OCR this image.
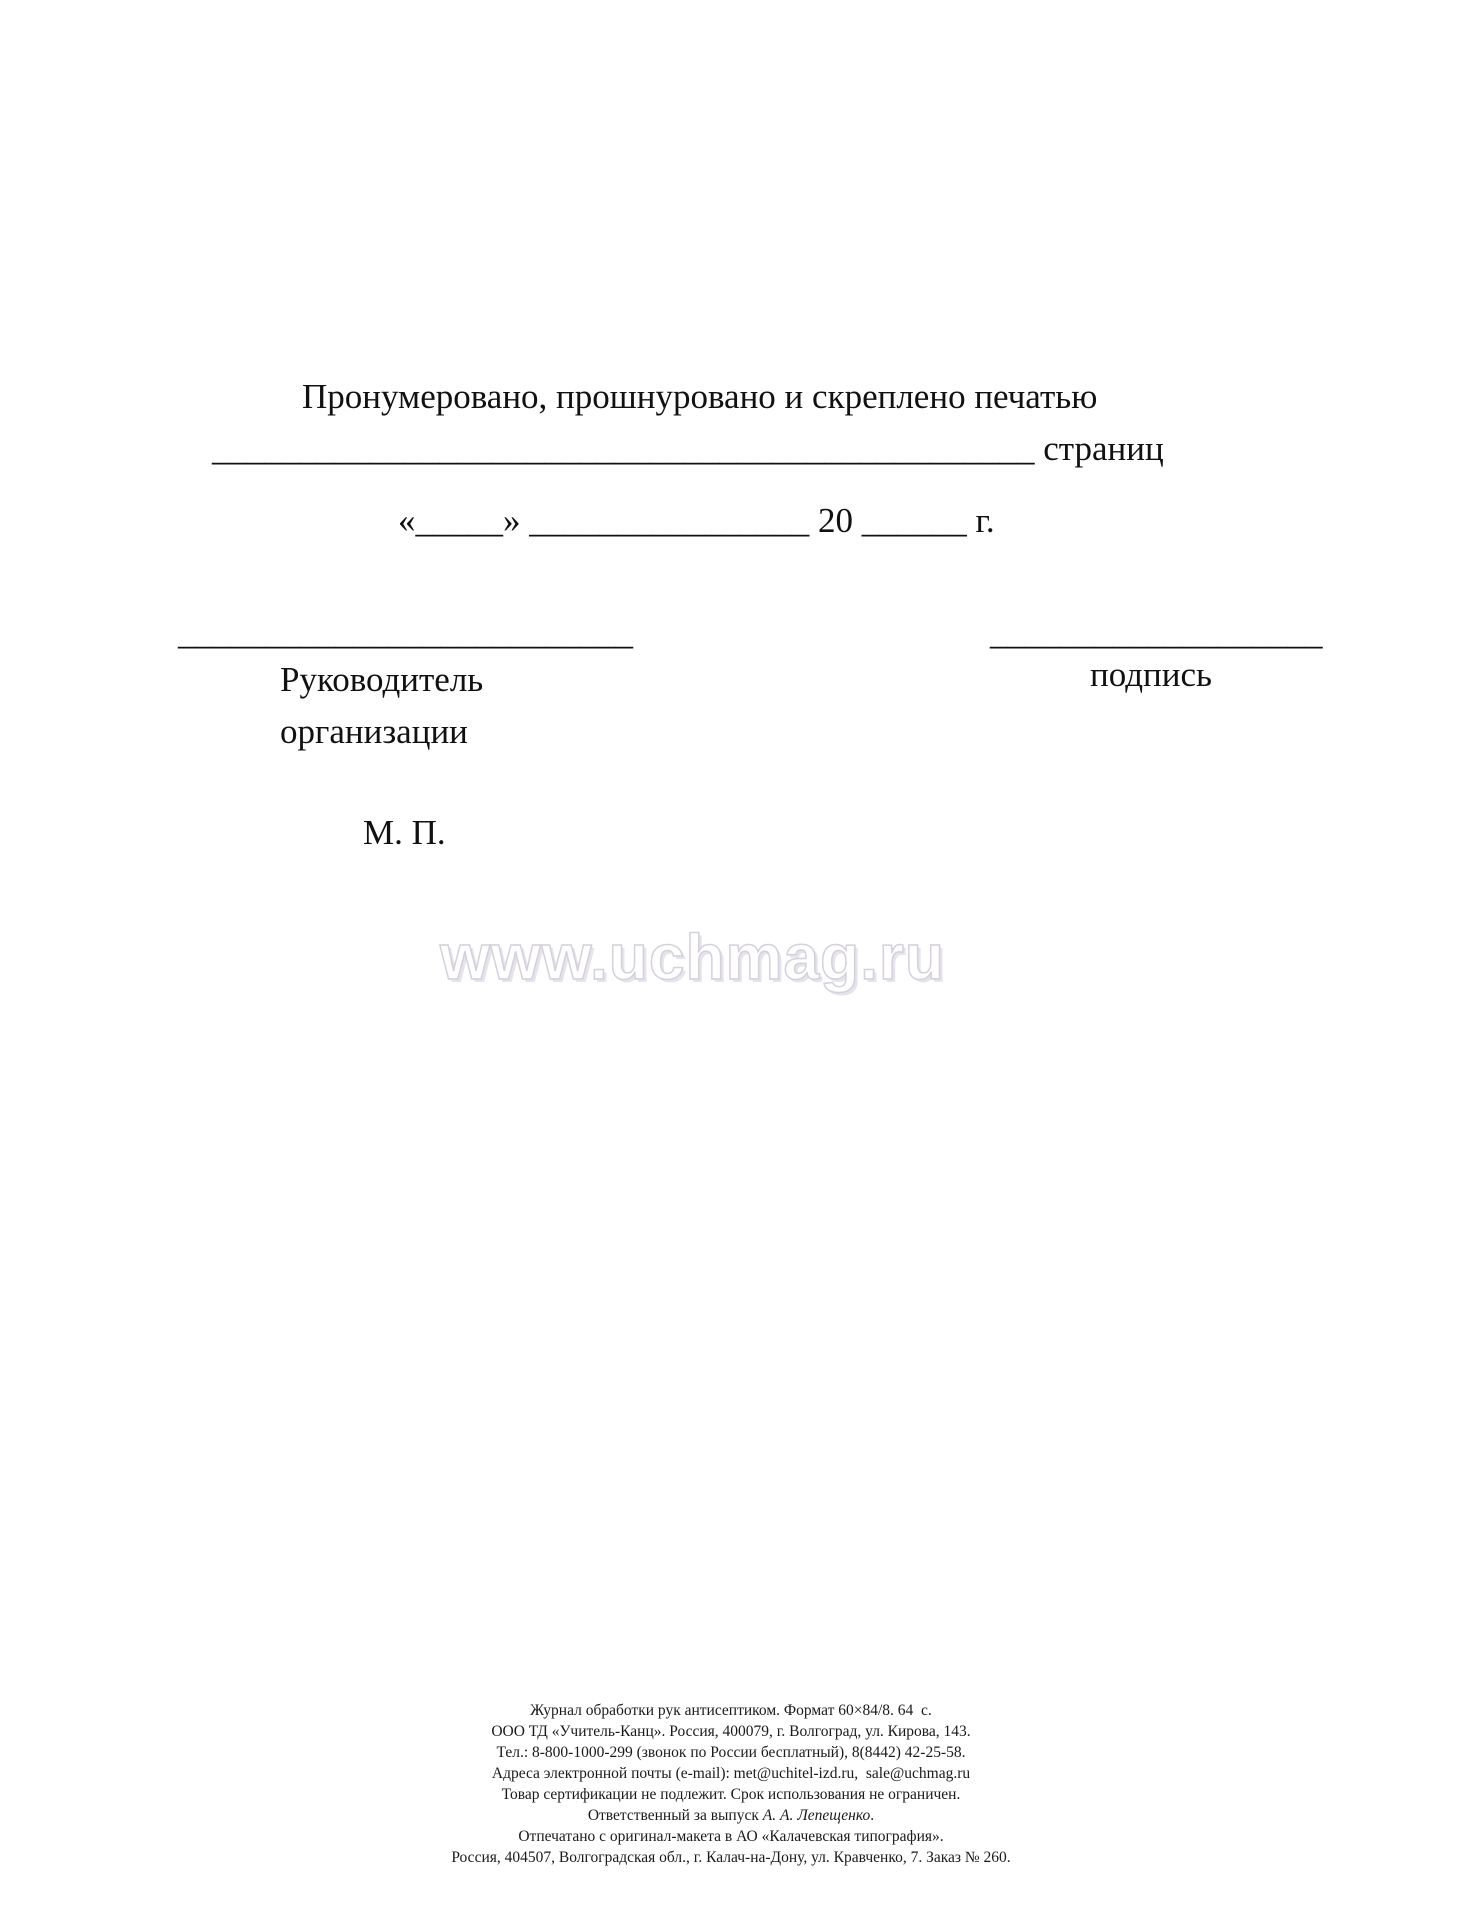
Пронумеровано, прошнуровано и скреплено печатью
_______________________________________________ страниц
«_____» ________________ 20 ______ г.
__________________________	___________________
Руководитель
организации
подпись
М. П.
www.uchmag.ru
Журнал обработки рук антисептиком. Формат 60×84/8. 64  с.
ООО ТД «Учитель-Канц». Россия, 400079, г. Волгоград, ул. Кирова, 143.
Тел.: 8-800-1000-299 (звонок по России бесплатный), 8(8442) 42-25-58.
Адреса электронной почты (e-mail): met@uchitel-izd.ru,  sale@uchmag.ru
Товар сертификации не подлежит. Срок использования не ограничен.
Ответственный за выпуск А. А. Лепещенко.
Отпечатано с оригинал-макета в АО «Калачевская типография».
Россия, 404507, Волгоградская обл., г. Калач-на-Дону, ул. Кравченко, 7. Заказ № 260.
